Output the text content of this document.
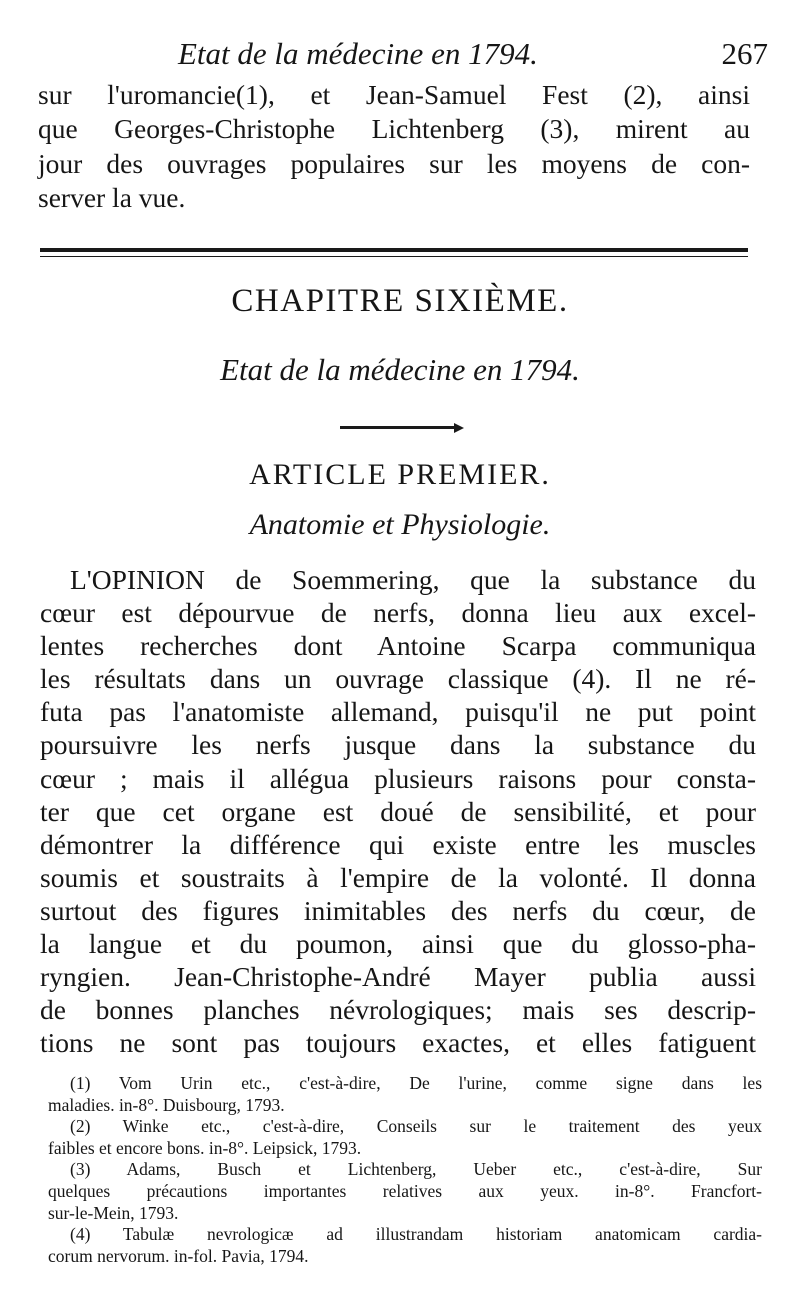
Etat de la médecine en 1794.	267
sur l'uromancie(1), et Jean-Samuel Fest (2), ainsi
que Georges-Christophe Lichtenberg (3), mirent au
jour des ouvrages populaires sur les moyens de con-
server la vue.
CHAPITRE SIXIÈME.
Etat de la médecine en 1794.
ARTICLE PREMIER.
Anatomie et Physiologie.
L'OPINION de Soemmering, que la substance du
cœur est dépourvue de nerfs, donna lieu aux excel-
lentes recherches dont Antoine Scarpa communiqua
les résultats dans un ouvrage classique (4). Il ne ré-
futa pas l'anatomiste allemand, puisqu'il ne put point
poursuivre les nerfs jusque dans la substance du
cœur ; mais il allégua plusieurs raisons pour consta-
ter que cet organe est doué de sensibilité, et pour
démontrer la différence qui existe entre les muscles
soumis et soustraits à l'empire de la volonté. Il donna
surtout des figures inimitables des nerfs du cœur, de
la langue et du poumon, ainsi que du glosso-pha-
ryngien. Jean-Christophe-André Mayer publia aussi
de bonnes planches névrologiques; mais ses descrip-
tions ne sont pas toujours exactes, et elles fatiguent
(1) Vom Urin etc., c'est-à-dire, De l'urine, comme signe dans les
maladies. in-8°. Duisbourg, 1793.
(2) Winke etc., c'est-à-dire, Conseils sur le traitement des yeux
faibles et encore bons. in-8°. Leipsick, 1793.
(3) Adams, Busch et Lichtenberg, Ueber etc., c'est-à-dire, Sur
quelques précautions importantes relatives aux yeux. in-8°. Francfort-
sur-le-Mein, 1793.
(4) Tabulæ nevrologicæ ad illustrandam historiam anatomicam cardia-
corum nervorum. in-fol. Pavia, 1794.
